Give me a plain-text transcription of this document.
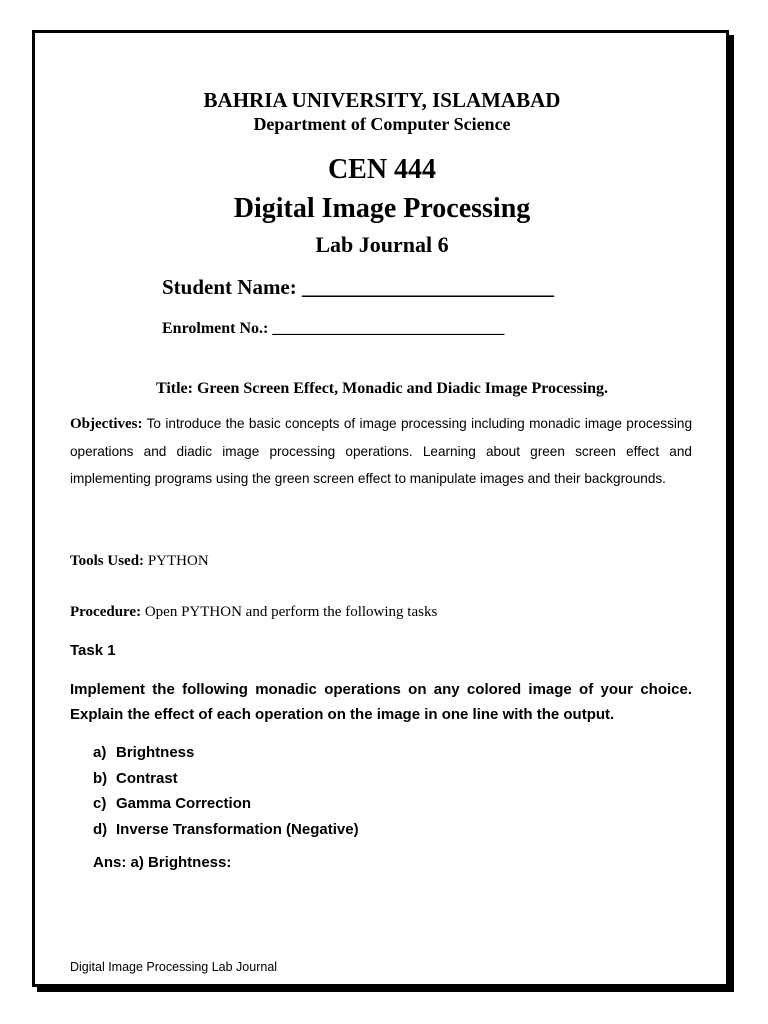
BAHRIA UNIVERSITY, ISLAMABAD
Department of Computer Science
CEN 444
Digital Image Processing
Lab Journal 6
Student Name: ________________________
Enrolment No.: _____________________________
Title: Green Screen Effect, Monadic and Diadic Image Processing.
Objectives: To introduce the basic concepts of image processing including monadic image processing operations and diadic image processing operations. Learning about green screen effect and implementing programs using the green screen effect to manipulate images and their backgrounds.
Tools Used: PYTHON
Procedure: Open PYTHON and perform the following tasks
Task 1
Implement the following monadic operations on any colored image of your choice. Explain the effect of each operation on the image in one line with the output.
a) Brightness
b) Contrast
c) Gamma Correction
d) Inverse Transformation (Negative)
Ans: a) Brightness:
Digital Image Processing Lab Journal
